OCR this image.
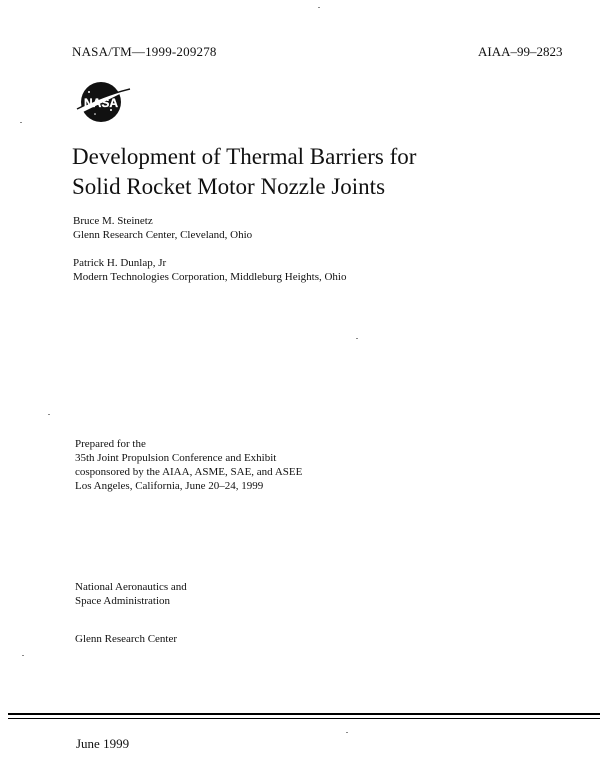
NASA/TM—1999-209278	AIAA–99–2823
NASA
Development of Thermal Barriers for
Solid Rocket Motor Nozzle Joints
Bruce M. Steinetz
Glenn Research Center, Cleveland, Ohio
Patrick H. Dunlap, Jr
Modern Technologies Corporation, Middleburg Heights, Ohio
Prepared for the
35th Joint Propulsion Conference and Exhibit
cosponsored by the AIAA, ASME, SAE, and ASEE
Los Angeles, California, June 20–24, 1999
National Aeronautics and
Space Administration
Glenn Research Center
June 1999
